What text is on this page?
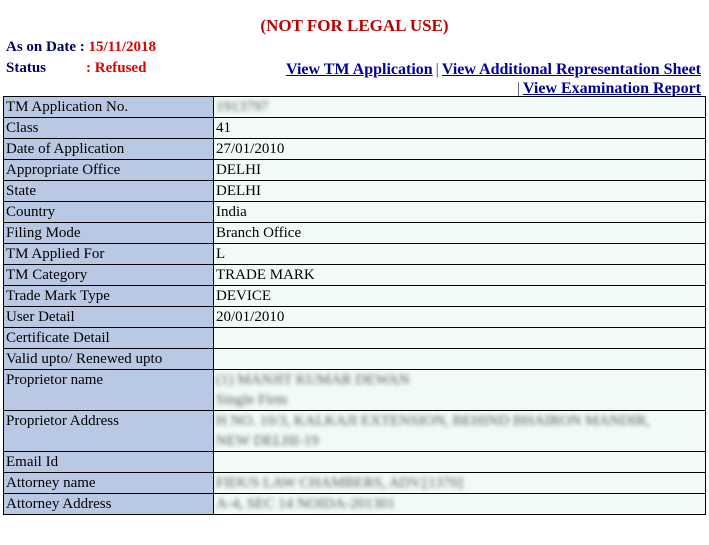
(NOT FOR LEGAL USE)
As on Date : 15/11/2018
Status	: Refused	View TM Application | View Additional Representation Sheet
| View Examination Report
TM Application No.	1913797

Class	41

Date of Application	27/01/2010

Appropriate Office	DELHI

State	DELHI

Country	India

Filing Mode	Branch Office

TM Applied For	L

TM Category	TRADE MARK

Trade Mark Type	DEVICE

User Detail	20/01/2010

Certificate Detail	

Valid upto/ Renewed upto	

Proprietor name	(1) MANJIT KUMAR DEWAN
Single Firm

Proprietor Address	H NO. 10/3, KALKAJI EXTENSION, BEHIND BHAIRON MANDIR,
NEW DELHI-19

Email Id	

Attorney name	FIDUS LAW CHAMBERS, ADV.[1370]

Attorney Address	A-4, SEC 14 NOIDA-201301
